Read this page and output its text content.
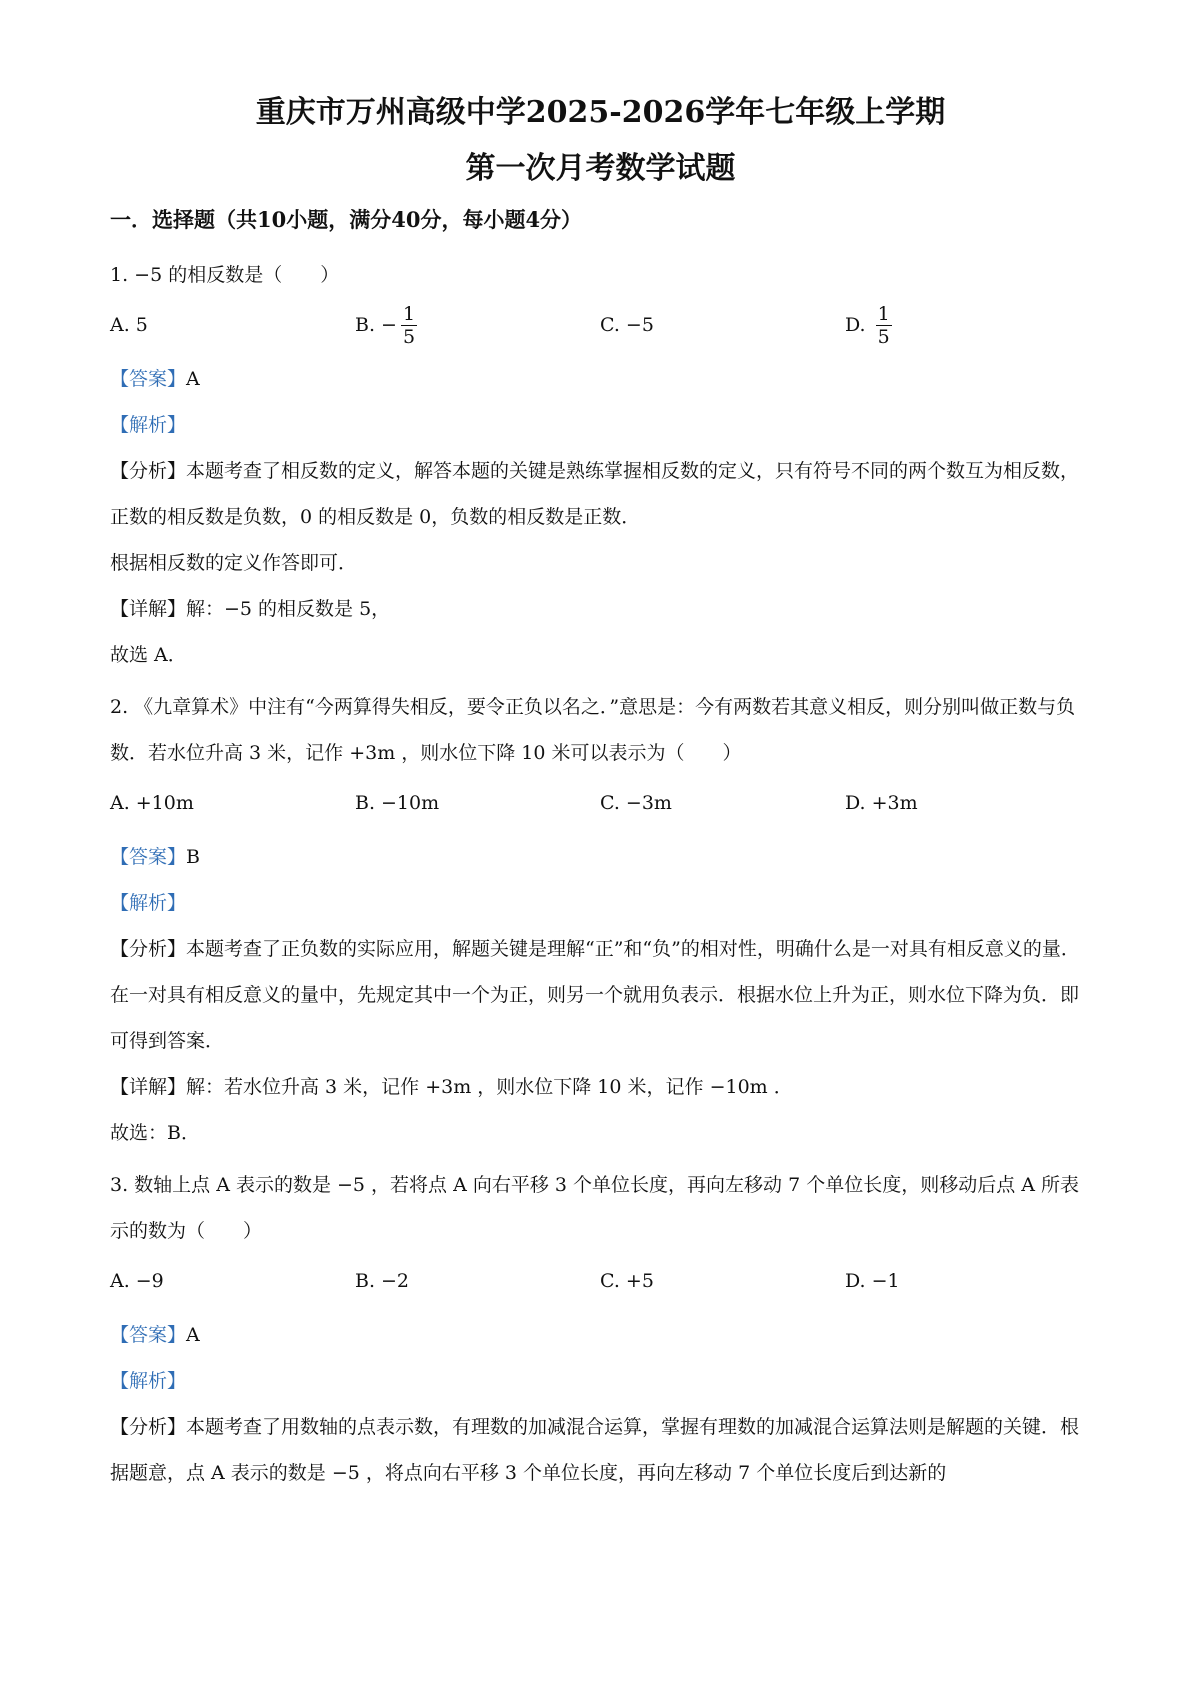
重庆市万州高级中学2025-2026学年七年级上学期

第一次月考数学试题

一．选择题（共10小题，满分40分，每小题4分）

1. −5 的相反数是（　　）

A. 5	B. − $\frac{1}{5}$	C. −5	D. $\frac{1}{5}$

【答案】A

【解析】

【分析】本题考查了相反数的定义，解答本题的关键是熟练掌握相反数的定义，只有符号不同的两个数互为相反数，正数的相反数是负数，0 的相反数是 0，负数的相反数是正数．

根据相反数的定义作答即可．

【详解】解：−5 的相反数是 5，

故选 A．

2. 《九章算术》中注有“今两算得失相反，要令正负以名之．”意思是：今有两数若其意义相反，则分别叫做正数与负数．若水位升高 3 米，记作 +3m ，则水位下降 10 米可以表示为（　　）

A. +10m	B. −10m	C. −3m	D. +3m

【答案】B

【解析】

【分析】本题考查了正负数的实际应用，解题关键是理解“正”和“负”的相对性，明确什么是一对具有相反意义的量．

在一对具有相反意义的量中，先规定其中一个为正，则另一个就用负表示．根据水位上升为正，则水位下降为负．即可得到答案．

【详解】解：若水位升高 3 米，记作 +3m ，则水位下降 10 米，记作 −10m ．

故选：B．

3. 数轴上点 A 表示的数是 −5 ，若将点 A 向右平移 3 个单位长度，再向左移动 7 个单位长度，则移动后点 A 所表示的数为（　　）

A. −9	B. −2	C. +5	D. −1

【答案】A

【解析】

【分析】本题考查了用数轴的点表示数，有理数的加减混合运算，掌握有理数的加减混合运算法则是解题的关键．根据题意，点 A 表示的数是 −5 ，将点向右平移 3 个单位长度，再向左移动 7 个单位长度后到达新的
